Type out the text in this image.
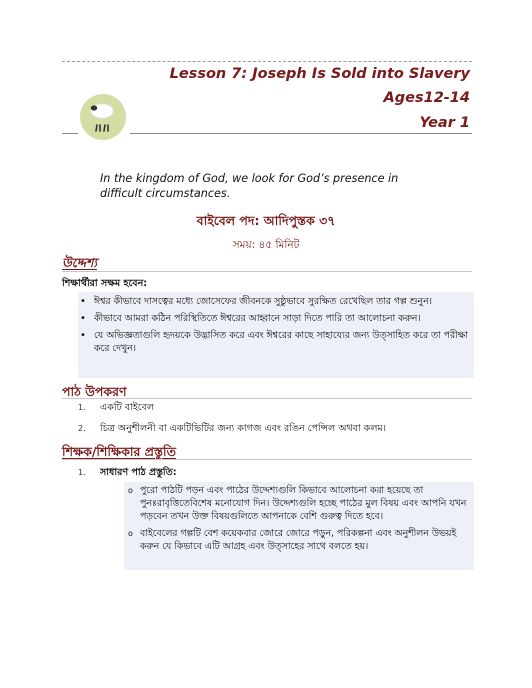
Lesson 7: Joseph Is Sold into Slavery
Ages12-14
Year 1
In the kingdom of God, we look for God’s presence in difficult circumstances.
বাইবেল পদ: আদিপুস্তক ৩৭
সময়: ৪৫ মিনিট
উদ্দেশ্য
শিক্ষার্থীরা সক্ষম হবেন:
• ঈশ্বর কীভাবে দাসত্বের মধ্যে জোসেফের জীবনকে সুষ্ঠুভাবে সুরক্ষিত রেখেছিল তার গল্প শুনুন।
• কীভাবে আমরা কঠিন পরিস্থিতিতে ঈশ্বরের আহ্বানে সাড়া দিতে পারি তা আলোচনা করুন।
• যে অভিজ্ঞতাগুলি হৃদয়কে উদ্ভাসিত করে এবং ঈশ্বরের কাছে সাহায্যের জন্য উত্সাহিত করে তা পরীক্ষা করে দেখুন।
পাঠ উপকরণ
1. একটি বাইবেল
2. চিত্র অনুশীলনী বা একটিভিটির জন্য কাগজ এবং রঙিন পেন্সিল অথবা কলম।
শিক্ষক/শিক্ষিকার প্রস্তুতি
1. সাধারণ পাঠ প্রস্তুতি:
o পুরো পাঠটি পড়ন এবং পাঠের উদ্দেশ্যগুলি কিভাবে আলোচনা করা হয়েছে তা পুনঃরাবৃত্তিতেবিশেষ মনোযোগ দিন। উদ্দেশ্যগুলি হচ্ছে পাঠের মুল বিষয় এবং আপনি যখন পড়বেন তখন উক্ত বিষয়গুলিতে আপনাকে বেশি গুরুত্ব দিতে হবে।
o বাইবেলের গল্পটি বেশ কয়েকবার জোরে জোরে পড়ুন, পরিকল্পনা এবং অনুশীলন উভয়ই করুন যে কিভাবে এটি আগ্রহ এবং উত্সাহের সাথে বলতে হয়।
